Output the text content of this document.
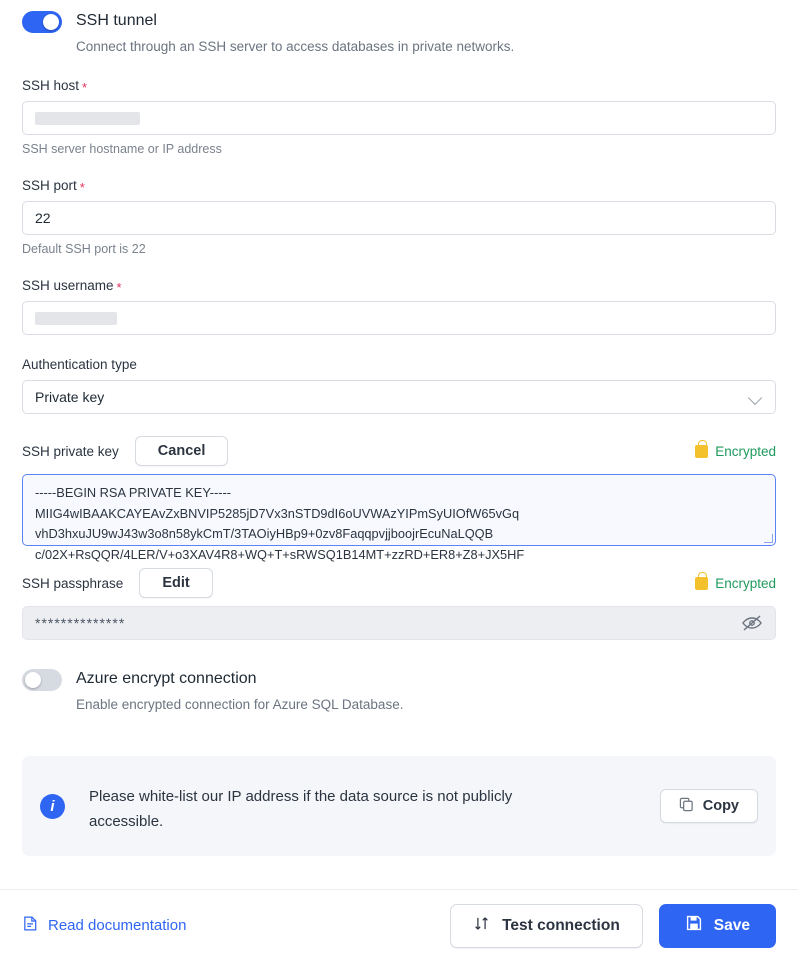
SSH tunnel
Connect through an SSH server to access databases in private networks.
SSH host *
SSH server hostname or IP address
SSH port *
22
Default SSH port is 22
SSH username *
Authentication type
Private key
SSH private key	Cancel	Encrypted
-----BEGIN RSA PRIVATE KEY-----
MIIG4wIBAAKCAYEAvZxBNVIP5285jD7Vx3nSTD9dI6oUVWAzYIPmSyUIOfW65vGq
vhD3hxuJU9wJ43w3o8n58ykCmT/3TAOiyHBp9+0zv8FaqqpvjjboojrEcuNaLQQB
c/02X+RsQQR/4LER/V+o3XAV4R8+WQ+T+sRWSQ1B14MT+zzRD+ER8+Z8+JX5HF
SSH passphrase	Edit	Encrypted
**************
Azure encrypt connection
Enable encrypted connection for Azure SQL Database.
i
Please white-list our IP address if the data source is not publicly accessible.
Copy
Read documentation	Test connection	Save
